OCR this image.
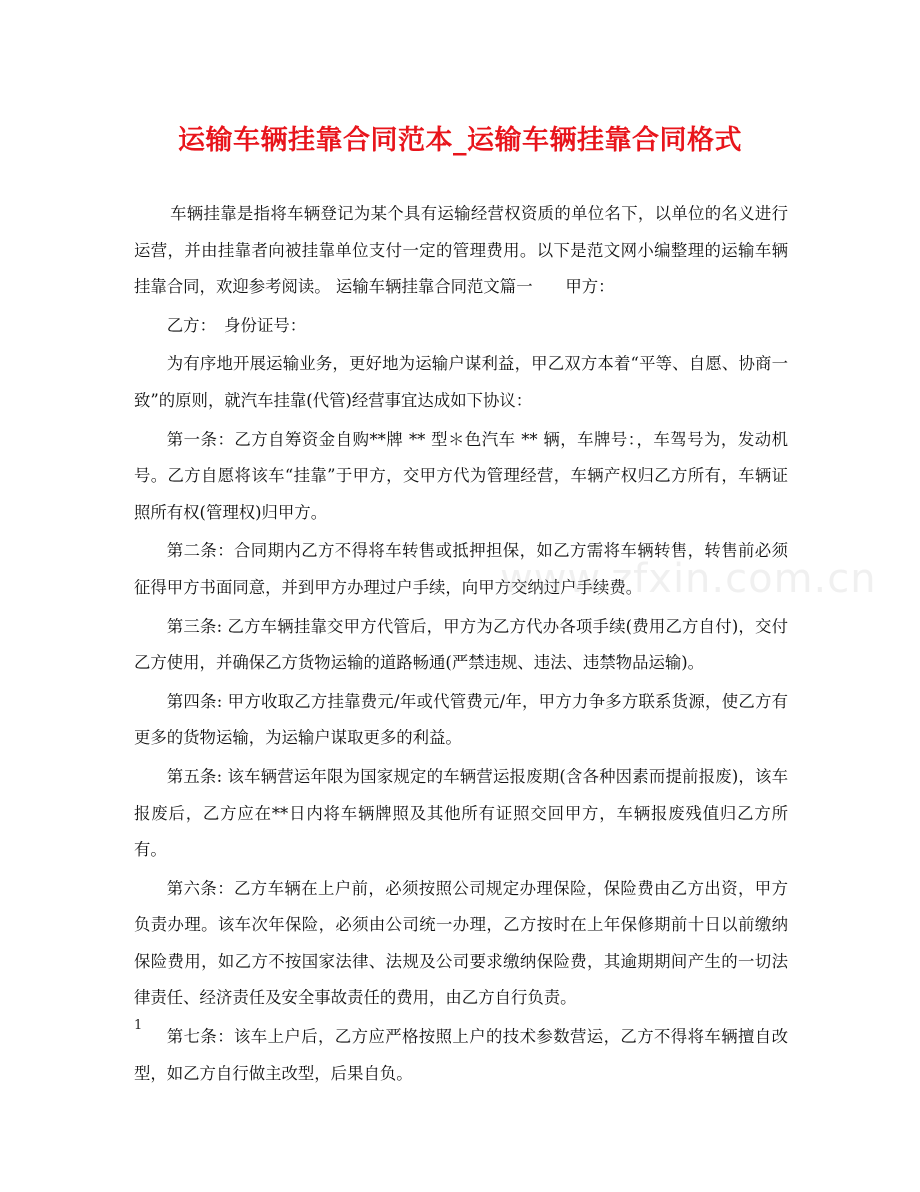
运输车辆挂靠合同范本_运输车辆挂靠合同格式

车辆挂靠是指将车辆登记为某个具有运输经营权资质的单位名下，以单位的名义进行运营，并由挂靠者向被挂靠单位支付一定的管理费用。以下是范文网小编整理的运输车辆挂靠合同，欢迎参考阅读。 运输车辆挂靠合同范文篇一　　甲方：

乙方：　身份证号：

为有序地开展运输业务，更好地为运输户谋利益，甲乙双方本着“平等、自愿、协商一致”的原则，就汽车挂靠(代管)经营事宜达成如下协议：

第一条：乙方自筹资金自购**牌 ** 型＊色汽车 ** 辆，车牌号：，车驾号为，发动机号。乙方自愿将该车“挂靠”于甲方，交甲方代为管理经营，车辆产权归乙方所有，车辆证照所有权(管理权)归甲方。

第二条：合同期内乙方不得将车转售或抵押担保，如乙方需将车辆转售，转售前必须征得甲方书面同意，并到甲方办理过户手续，向甲方交纳过户手续费。

第三条: 乙方车辆挂靠交甲方代管后，甲方为乙方代办各项手续(费用乙方自付)，交付乙方使用，并确保乙方货物运输的道路畅通(严禁违规、违法、违禁物品运输)。

第四条: 甲方收取乙方挂靠费元/年或代管费元/年，甲方力争多方联系货源，使乙方有更多的货物运输，为运输户谋取更多的利益。

第五条: 该车辆营运年限为国家规定的车辆营运报废期(含各种因素而提前报废)，该车报废后，乙方应在**日内将车辆牌照及其他所有证照交回甲方，车辆报废残值归乙方所有。

第六条：乙方车辆在上户前，必须按照公司规定办理保险，保险费由乙方出资，甲方负责办理。该车次年保险，必须由公司统一办理，乙方按时在上年保修期前十日以前缴纳保险费用，如乙方不按国家法律、法规及公司要求缴纳保险费，其逾期期间产生的一切法律责任、经济责任及安全事故责任的费用，由乙方自行负责。

第七条：该车上户后，乙方应严格按照上户的技术参数营运，乙方不得将车辆擅自改型，如乙方自行做主改型，后果自负。

www.zfxin.com.cn
1
